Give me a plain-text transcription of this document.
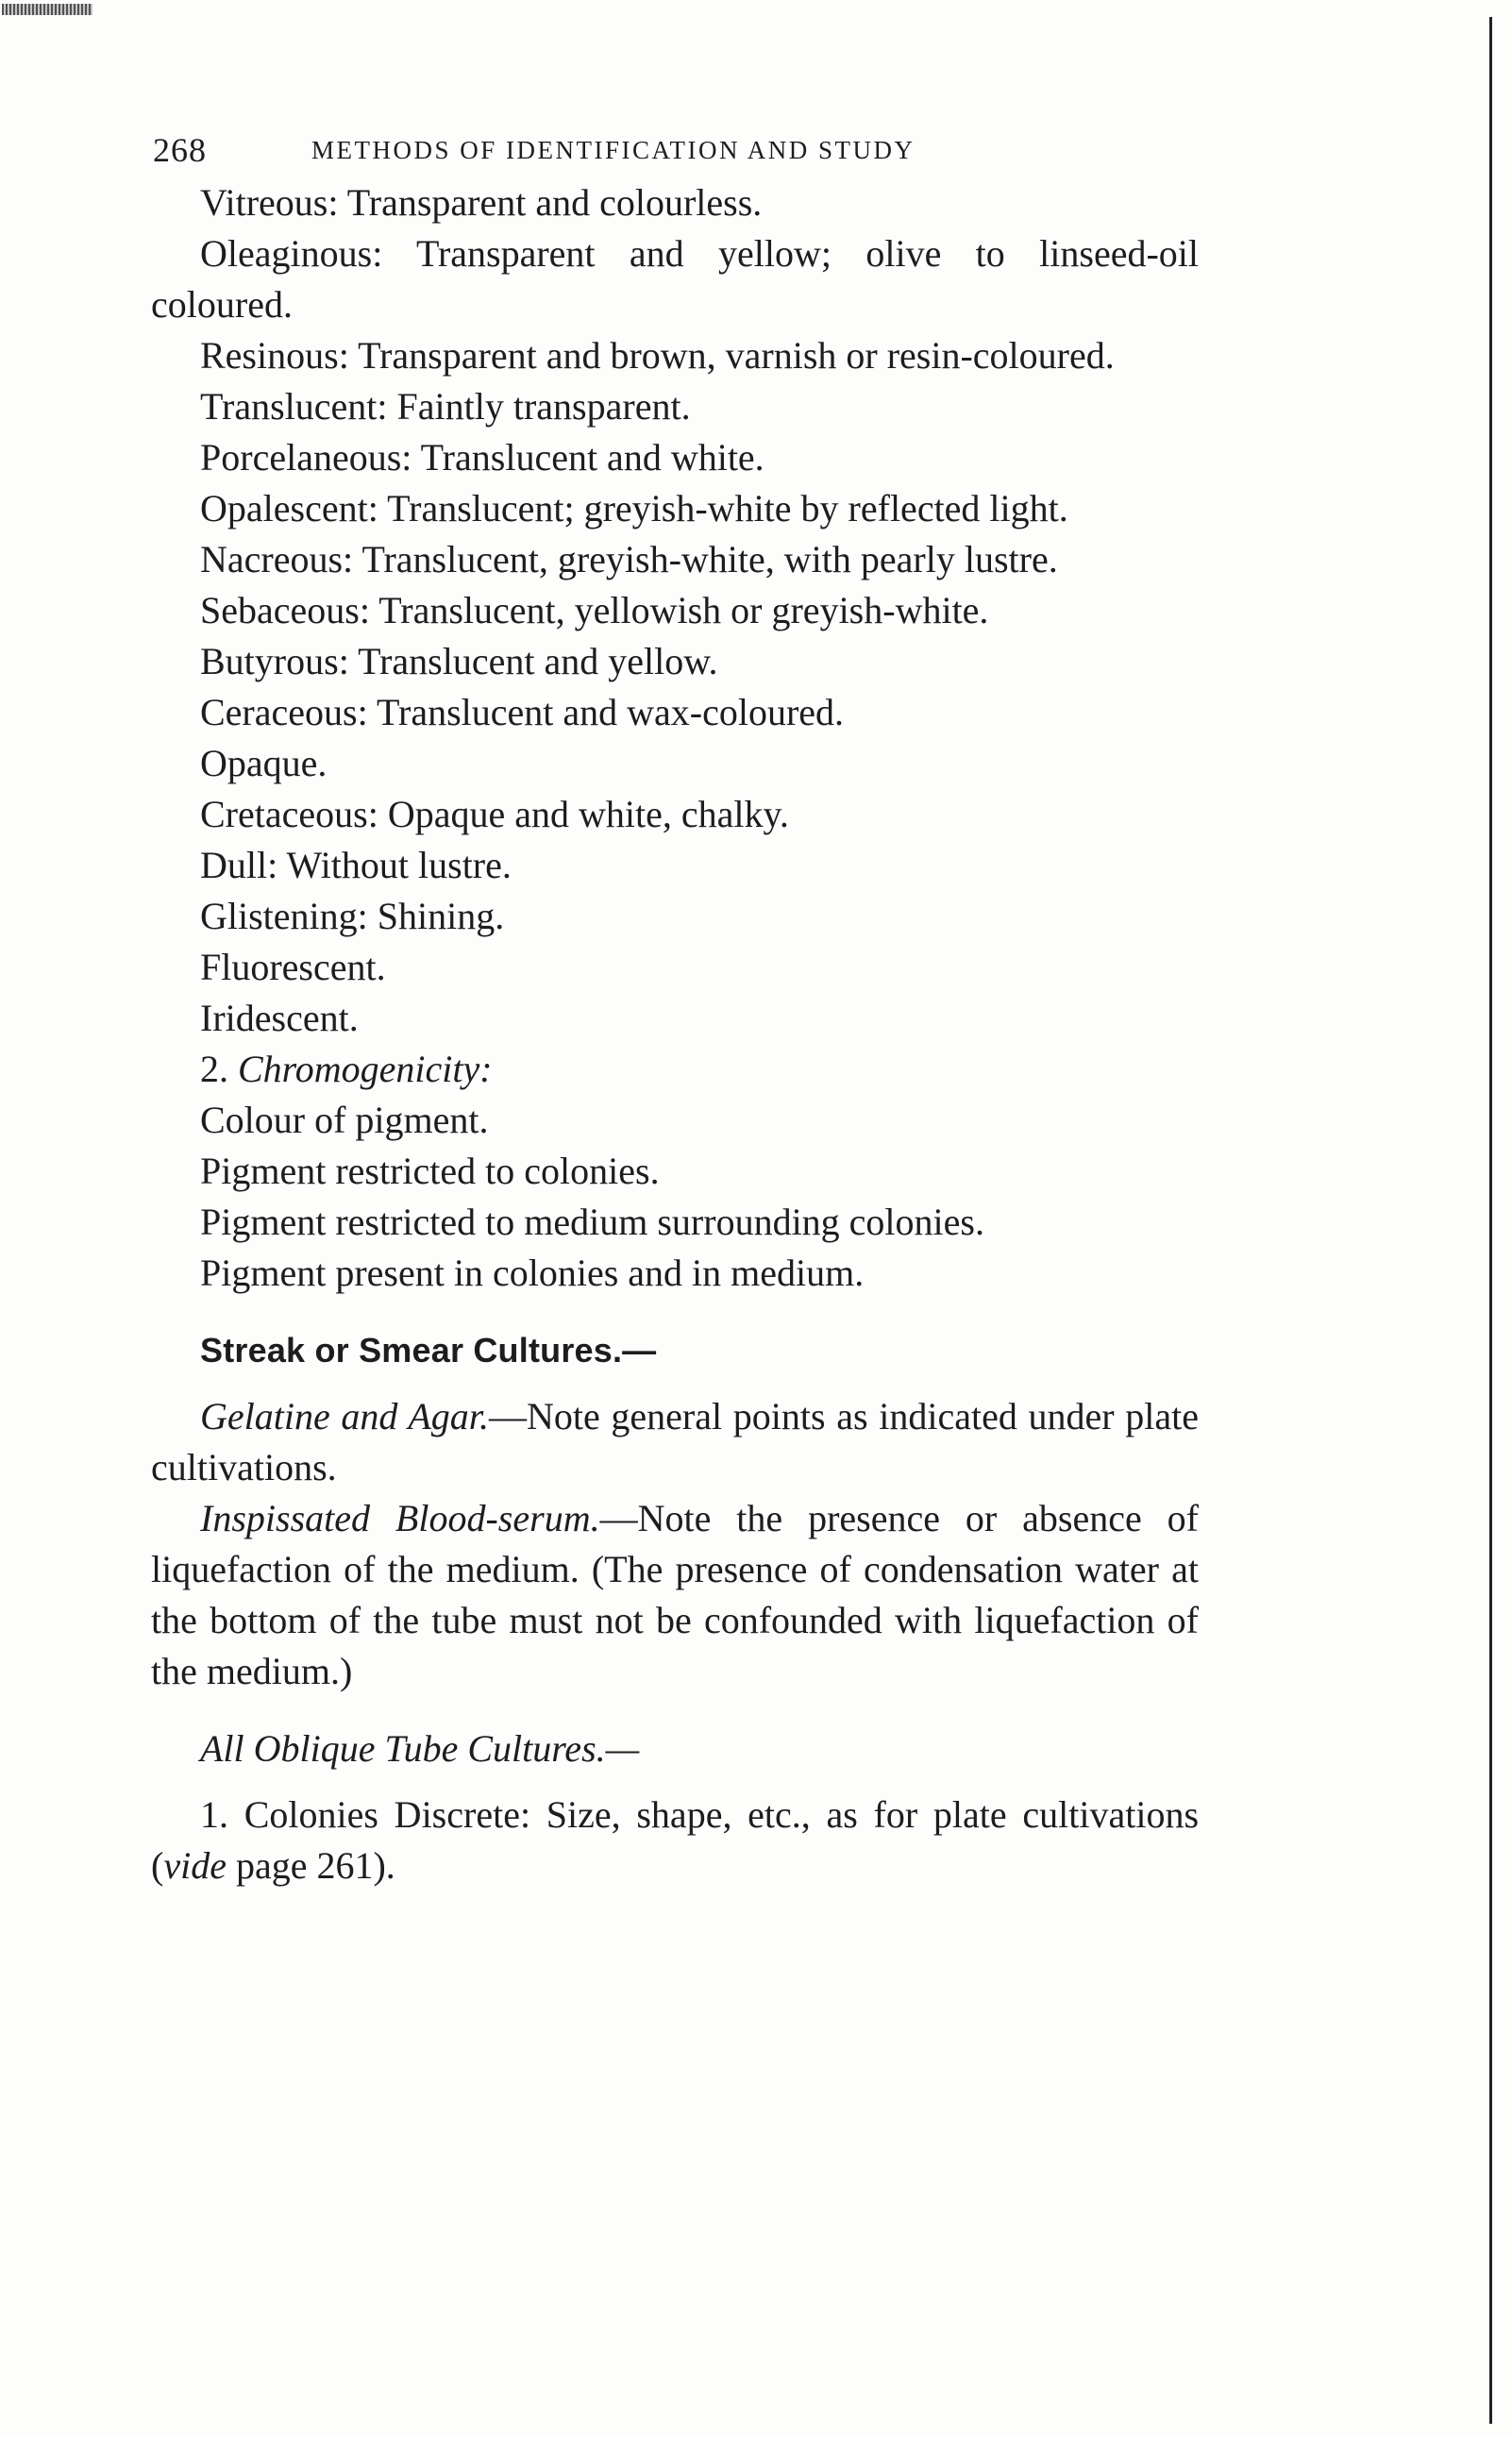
268	METHODS OF IDENTIFICATION AND STUDY

Vitreous: Transparent and colourless.

Oleaginous: Transparent and yellow; olive to linseed-oil coloured.

Resinous: Transparent and brown, varnish or resin-coloured.

Translucent: Faintly transparent.

Porcelaneous: Translucent and white.

Opalescent: Translucent; greyish-white by reflected light.

Nacreous: Translucent, greyish-white, with pearly lustre.

Sebaceous: Translucent, yellowish or greyish-white.

Butyrous: Translucent and yellow.

Ceraceous: Translucent and wax-coloured.

Opaque.

Cretaceous: Opaque and white, chalky.

Dull: Without lustre.

Glistening: Shining.

Fluorescent.

Iridescent.

2. Chromogenicity:

Colour of pigment.

Pigment restricted to colonies.

Pigment restricted to medium surrounding colonies.

Pigment present in colonies and in medium.

Streak or Smear Cultures.—

Gelatine and Agar.—Note general points as indicated under plate cultivations.

Inspissated Blood-serum.—Note the presence or absence of liquefaction of the medium. (The presence of condensation water at the bottom of the tube must not be confounded with liquefaction of the medium.)

All Oblique Tube Cultures.—

1. Colonies Discrete: Size, shape, etc., as for plate cultivations (vide page 261).
